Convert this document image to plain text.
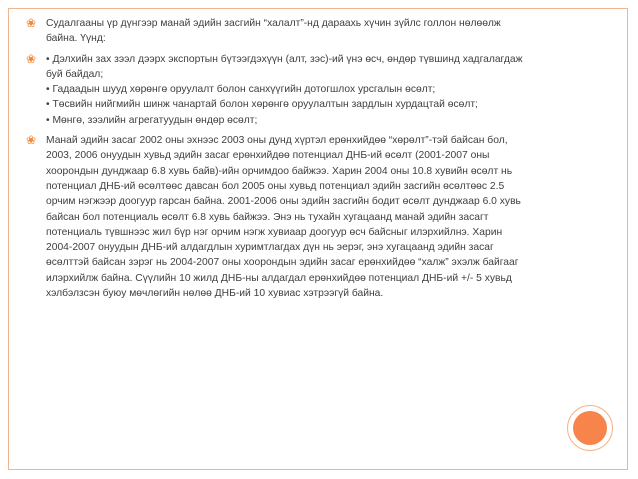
❀ Судалгааны үр дүнгээр манай эдийн засгийн “халалт”-нд дараахь хүчин зүйлс голлон нөлөөлж
байна. Үүнд:
❀ • Дэлхийн зах зээл дээрх экспортын бүтээгдэхүүн (алт, зэс)-ий үнэ өсч, өндөр түвшинд хадгалагдаж
буй байдал;
• Гадаадын шууд хөрөнгө оруулалт болон санхүүгийн дотогшлох урсгалын өсөлт;
• Төсвийн нийгмийн шинж чанартай болон хөрөнгө оруулалтын зардлын хурдацтай өсөлт;
• Мөнгө, зээлийн агрегатуудын өндөр өсөлт;
❀ Манай эдийн засаг 2002 оны эхнээс 2003 оны дунд хүртэл ерөнхийдөө “хөрөлт”-тэй байсан бол,
2003, 2006 онуудын хувьд эдийн засаг ерөнхийдөө потенциал ДНБ-ий өсөлт (2001-2007 оны
хоорондын дунджаар 6.8 хувь байв)-ийн орчимдоо байжээ. Харин 2004 оны 10.8 хувийн өсөлт нь
потенциал ДНБ-ий өсөлтөөс давсан бол 2005 оны хувьд потенциал эдийн засгийн өсөлтөөс 2.5
орчим нэгжээр доогуур гарсан байна. 2001-2006 оны эдийн засгийн бодит өсөлт дунджаар 6.0 хувь
байсан бол потенциаль өсөлт 6.8 хувь байжээ. Энэ нь тухайн хугацаанд манай эдийн засагт
потенциаль түвшнээс жил бүр нэг орчим нэгж хувиаар доогуур өсч байсныг илэрхийлнэ. Харин
2004-2007 онуудын ДНБ-ий алдагдлын хуримтлагдах дүн нь эерэг, энэ хугацаанд эдийн засаг
өсөлттэй байсан зэрэг нь 2004-2007 оны хоорондын эдийн засаг ерөнхийдөө “халж” эхэлж байгааг
илэрхийлж байна. Сүүлийн 10 жилд ДНБ-ны алдагдал ерөнхийдөө потенциал ДНБ-ий +/- 5 хувьд
хэлбэлзсэн буюу мөчлөгийн нөлөө ДНБ-ий 10 хувиас хэтрээгүй байна.
